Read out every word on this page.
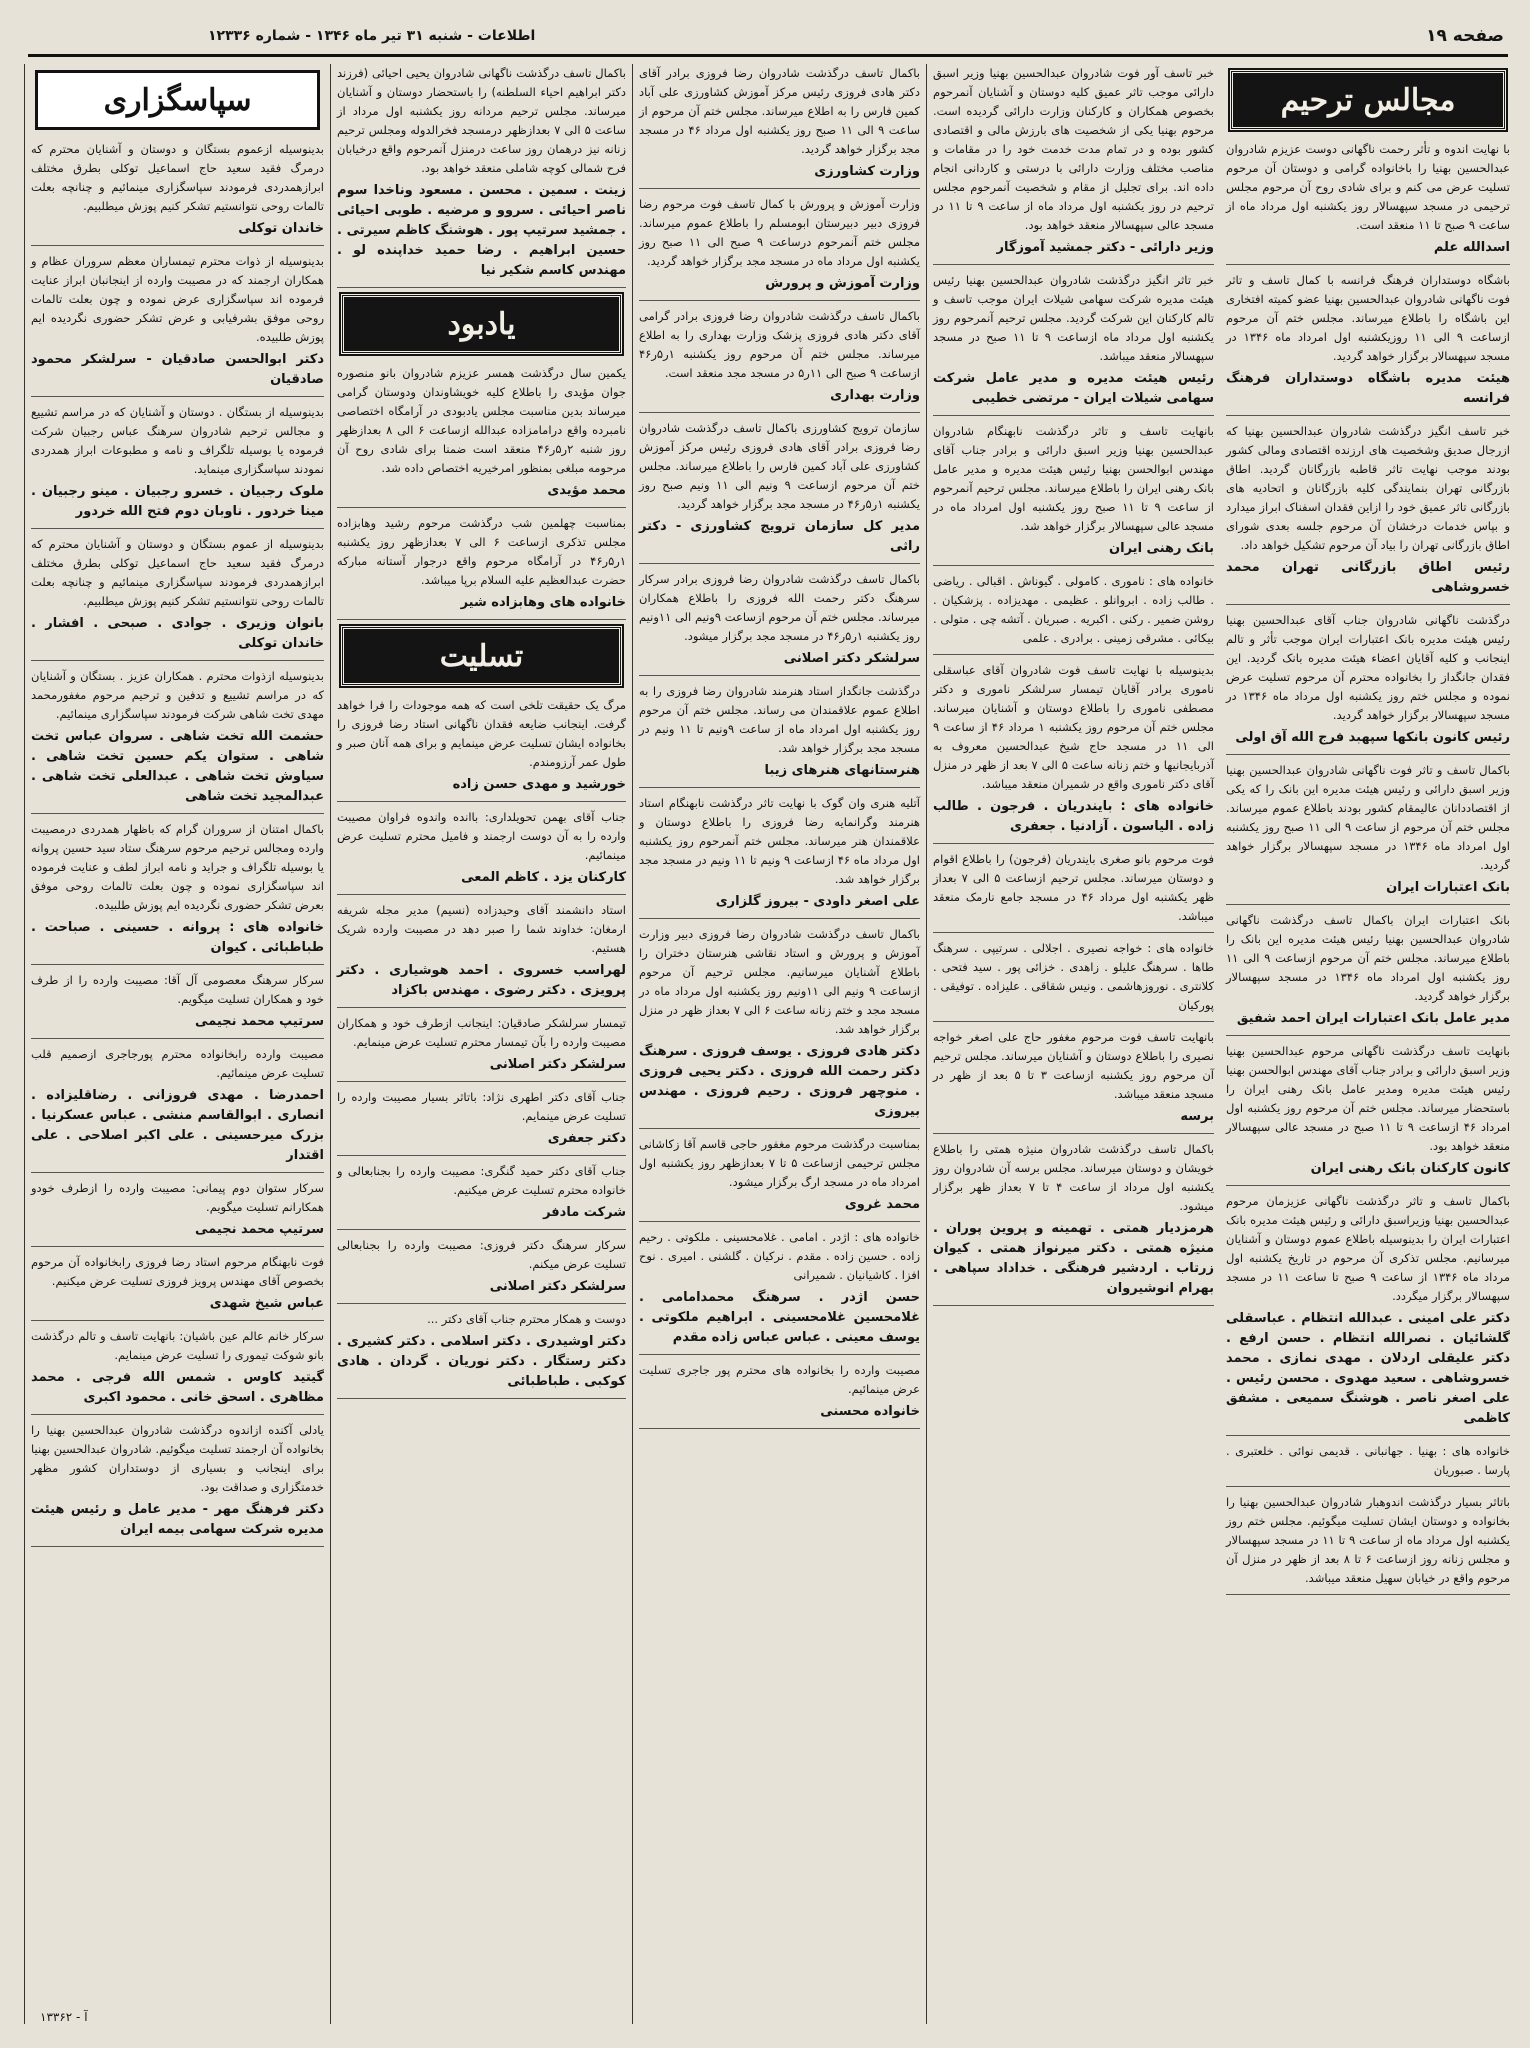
صفحه ۱۹
اطلاعات - شنبه ۳۱ تیر ماه ۱۳۴۶ - شماره ۱۲۳۳۶
مجالس ترحیم

با نهایت اندوه و تأثر رحمت ناگهانی دوست عزیزم شادروان عبدالحسین بهنیا را باخانواده گرامی و دوستان آن مرحوم تسلیت عرض می کنم و برای شادی روح آن مرحوم مجلس ترحیمی در مسجد سپهسالار روز یکشنبه اول مرداد ماه از ساعت ۹ صبح تا ۱۱ منعقد است.

اسدالله علم

باشگاه دوستداران فرهنگ فرانسه با کمال تاسف و تاثر فوت ناگهانی شادروان عبدالحسین بهنیا عضو کمیته افتخاری این باشگاه را باطلاع میرساند. مجلس ختم آن مرحوم ازساعت ۹ الی ۱۱ روزیکشنبه اول امرداد ماه ۱۳۴۶ در مسجد سپهسالار برگزار خواهد گردید.

هیئت مدیره باشگاه دوستداران فرهنگ فرانسه

خبر تاسف انگیز درگذشت شادروان عبدالحسین بهنیا که ازرجال صدیق وشخصیت های ارزنده اقتصادی ومالی کشور بودند موجب نهایت تاثر قاطبه بازرگانان گردید. اطاق بازرگانی تهران بنمایندگی کلیه بازرگانان و اتحادیه های بازرگانی تاثر عمیق خود را ازاین فقدان اسفناک ابراز میدارد و بپاس خدمات درخشان آن مرحوم جلسه بعدی شورای اطاق بازرگانی تهران را بیاد آن مرحوم تشکیل خواهد داد.

رئیس اطاق بازرگانی تهران محمد خسروشاهی

درگذشت ناگهانی شادروان جناب آقای عبدالحسین بهنیا رئیس هیئت مدیره بانک اعتبارات ایران موجب تأثر و تالم اینجانب و کلیه آقایان اعضاء هیئت مدیره بانک گردید. این فقدان جانگداز را بخانواده محترم آن مرحوم تسلیت عرض نموده و مجلس ختم روز یکشنبه اول مرداد ماه ۱۳۴۶ در مسجد سپهسالار برگزار خواهد گردید.

رئیس کانون بانکها سپهبد فرج الله آق اولی

باکمال تاسف و تاثر فوت ناگهانی شادروان عبدالحسین بهنیا وزیر اسبق دارائی و رئیس هیئت مدیره این بانک را که یکی از اقتصاددانان عالیمقام کشور بودند باطلاع عموم میرساند. مجلس ختم آن مرحوم از ساعت ۹ الی ۱۱ صبح روز یکشنبه اول امرداد ماه ۱۳۴۶ در مسجد سپهسالار برگزار خواهد گردید.

بانک اعتبارات ایران

بانک اعتبارات ایران باکمال تاسف درگذشت ناگهانی شادروان عبدالحسین بهنیا رئیس هیئت مدیره این بانک را باطلاع میرساند. مجلس ختم آن مرحوم ازساعت ۹ الی ۱۱ روز یکشنبه اول امرداد ماه ۱۳۴۶ در مسجد سپهسالار برگزار خواهد گردید.

مدیر عامل بانک اعتبارات ایران احمد شفیق

بانهایت تاسف درگذشت ناگهانی مرحوم عبدالحسین بهنیا وزیر اسبق دارائی و برادر جناب آقای مهندس ابوالحسن بهنیا رئیس هیئت مدیره ومدیر عامل بانک رهنی ایران را باستحضار میرساند. مجلس ختم آن مرحوم روز یکشنبه اول امرداد ۴۶ ازساعت ۹ تا ۱۱ صبح در مسجد عالی سپهسالار منعقد خواهد بود.

کانون کارکنان بانک رهنی ایران

باکمال تاسف و تاثر درگذشت ناگهانی عزیزمان مرحوم عبدالحسین بهنیا وزیراسبق دارائی و رئیس هیئت مدیره بانک اعتبارات ایران را بدینوسیله باطلاع عموم دوستان و آشنایان میرسانیم. مجلس تذکری آن مرحوم در تاریخ یکشنبه اول مرداد ماه ۱۳۴۶ از ساعت ۹ صبح تا ساعت ۱۱ در مسجد سپهسالار برگزار میگردد.

دکتر علی امینی . عبدالله انتظام . عباسقلی گلشائیان . نصرالله انتظام . حسن ارفع . دکتر علیقلی اردلان . مهدی نمازی . محمد خسروشاهی . سعید مهدوی . محسن رئیس . علی اصغر ناصر . هوشنگ سمیعی . مشفق کاظمی

خانواده های : بهنیا . جهانبانی . قدیمی نوائی . خلعتبری . پارسا . صبوریان

باتاثر بسیار درگذشت اندوهبار شادروان عبدالحسین بهنیا را بخانواده و دوستان ایشان تسلیت میگوئیم. مجلس ختم روز یکشنبه اول مرداد ماه از ساعت ۹ تا ۱۱ در مسجد سپهسالار و مجلس زنانه روز ازساعت ۶ تا ۸ بعد از ظهر در منزل آن مرحوم واقع در خیابان سهیل منعقد میباشد.

خبر تاسف آور فوت شادروان عبدالحسین بهنیا وزیر اسبق دارائی موجب تاثر عمیق کلیه دوستان و آشنایان آنمرحوم بخصوص همکاران و کارکنان وزارت دارائی گردیده است. مرحوم بهنیا یکی از شخصیت های بارزش مالی و اقتصادی کشور بوده و در تمام مدت خدمت خود را در مقامات و مناصب مختلف وزارت دارائی با درستی و کاردانی انجام داده اند. برای تجلیل از مقام و شخصیت آنمرحوم مجلس ترحیم در روز یکشنبه اول مرداد ماه از ساعت ۹ تا ۱۱ در مسجد عالی سپهسالار منعقد خواهد بود.

وزیر دارائی - دکتر جمشید آموزگار

خبر تاثر انگیز درگذشت شادروان عبدالحسین بهنیا رئیس هیئت مدیره شرکت سهامی شیلات ایران موجب تاسف و تالم کارکنان این شرکت گردید. مجلس ترحیم آنمرحوم روز یکشنبه اول مرداد ماه ازساعت ۹ تا ۱۱ صبح در مسجد سپهسالار منعقد میباشد.

رئیس هیئت مدیره و مدیر عامل شرکت سهامی شیلات ایران - مرتضی خطیبی

بانهایت تاسف و تاثر درگذشت نابهنگام شادروان عبدالحسین بهنیا وزیر اسبق دارائی و برادر جناب آقای مهندس ابوالحسن بهنیا رئیس هیئت مدیره و مدیر عامل بانک رهنی ایران را باطلاع میرساند. مجلس ترحیم آنمرحوم از ساعت ۹ تا ۱۱ صبح روز یکشنبه اول امرداد ماه در مسجد عالی سپهسالار برگزار خواهد شد.

بانک رهنی ایران

خانواده های : ناموری . کامولی . گیوناش . اقبالی . ریاضی . طالب زاده . ابروانلو . عظیمی . مهدیزاده . پزشکیان . روشن ضمیر . رکنی . اکبریه . صبریان . آتشه چی . متولی . بیکائی . مشرقی زمینی . برادری . علمی

بدینوسیله با نهایت تاسف فوت شادروان آقای عباسقلی ناموری برادر آقایان تیمسار سرلشکر ناموری و دکتر مصطفی ناموری را باطلاع دوستان و آشنایان میرساند. مجلس ختم آن مرحوم روز یکشنبه ۱ مرداد ۴۶ از ساعت ۹ الی ۱۱ در مسجد حاج شیخ عبدالحسین معروف به آذربایجانیها و ختم زنانه ساعت ۵ الی ۷ بعد از ظهر در منزل آقای دکتر ناموری واقع در شمیران منعقد میباشد.

خانواده های : بایندریان . فرجون . طالب زاده . الیاسون . آزادنیا . جعفری

فوت مرحوم بانو صغری بایندریان (فرجون) را باطلاع اقوام و دوستان میرساند. مجلس ترحیم ازساعت ۵ الی ۷ بعداز ظهر یکشنبه اول مرداد ۴۶ در مسجد جامع نارمک منعقد میباشد.

خانواده های : خواجه نصیری . اجلالی . سرتیپی . سرهنگ طاها . سرهنگ علیلو . زاهدی . خزائی پور . سید فتحی . کلانتری . نوروزهاشمی . ونیس شقاقی . علیزاده . توفیقی . پورکیان

بانهایت تاسف فوت مرحوم مغفور حاج علی اصغر خواجه نصیری را باطلاع دوستان و آشنایان میرساند. مجلس ترحیم آن مرحوم روز یکشنبه ازساعت ۳ تا ۵ بعد از ظهر در مسجد منعقد میباشد.

برسه

باکمال تاسف درگذشت شادروان منیژه همتی را باطلاع خویشان و دوستان میرساند. مجلس برسه آن شادروان روز یکشنبه اول مرداد از ساعت ۴ تا ۷ بعداز ظهر برگزار میشود.

هرمزدیار همتی . تهمینه و پروین پوران . منیژه همتی . دکتر میرنواز همتی . کیوان زرتاب . اردشیر فرهنگی . خداداد سپاهی . بهرام انوشیروان

باکمال تاسف درگذشت شادروان رضا فروزی برادر آقای دکتر هادی فروزی رئیس مرکز آموزش کشاورزی علی آباد کمین فارس را به اطلاع میرساند. مجلس ختم آن مرحوم از ساعت ۹ الی ۱۱ صبح روز یکشنبه اول مرداد ۴۶ در مسجد مجد برگزار خواهد گردید.

وزارت کشاورزی

وزارت آموزش و پرورش با کمال تاسف فوت مرحوم رضا فروزی دبیر دبیرستان ابومسلم را باطلاع عموم میرساند. مجلس ختم آنمرحوم درساعت ۹ صبح الی ۱۱ صبح روز یکشنبه اول مرداد ماه در مسجد مجد برگزار خواهد گردید.

وزارت آموزش و پرورش

باکمال تاسف درگذشت شادروان رضا فروزی برادر گرامی آقای دکتر هادی فروزی پزشک وزارت بهداری را به اطلاع میرساند. مجلس ختم آن مرحوم روز یکشنبه ۱ر۵ر۴۶ ازساعت ۹ صبح الی ۱۱ر۵ در مسجد مجد منعقد است.

وزارت بهداری

سازمان ترویج کشاورزی باکمال تاسف درگذشت شادروان رضا فروزی برادر آقای هادی فروزی رئیس مرکز آموزش کشاورزی علی آباد کمین فارس را باطلاع میرساند. مجلس ختم آن مرحوم ازساعت ۹ ونیم الی ۱۱ ونیم صبح روز یکشنبه ۱ر۵ر۴۶ در مسجد مجد برگزار خواهد گردید.

مدیر کل سازمان ترویج کشاورزی - دکتر راثی

باکمال تاسف درگذشت شادروان رضا فروزی برادر سرکار سرهنگ دکتر رحمت الله فروزی را باطلاع همکاران میرساند. مجلس ختم آن مرحوم ازساعت ۹ونیم الی ۱۱ونیم روز یکشنبه ۱ر۵ر۴۶ در مسجد مجد برگزار میشود.

سرلشکر دکتر اصلانی

درگذشت جانگداز استاد هنرمند شادروان رضا فروزی را به اطلاع عموم علاقمندان می رساند. مجلس ختم آن مرحوم روز یکشنبه اول امرداد ماه از ساعت ۹ونیم تا ۱۱ ونیم در مسجد مجد برگزار خواهد شد.

هنرستانهای هنرهای زیبا

آتلیه هنری وان گوک با نهایت تاثر درگذشت نابهنگام استاد هنرمند وگرانمایه رضا فروزی را باطلاع دوستان و علاقمندان هنر میرساند. مجلس ختم آنمرحوم روز یکشنبه اول مرداد ماه ۴۶ ازساعت ۹ ونیم تا ۱۱ ونیم در مسجد مجد برگزار خواهد شد.

علی اصغر داودی - بیروز گلزاری

باکمال تاسف درگذشت شادروان رضا فروزی دبیر وزارت آموزش و پرورش و استاد نقاشی هنرستان دختران را باطلاع آشنایان میرسانیم. مجلس ترحیم آن مرحوم ازساعت ۹ ونیم الی ۱۱ونیم روز یکشنبه اول مرداد ماه در مسجد مجد و ختم زنانه ساعت ۶ الی ۷ بعداز ظهر در منزل برگزار خواهد شد.

دکتر هادی فروزی . یوسف فروزی . سرهنگ دکتر رحمت الله فروزی . دکتر یحیی فروزی . منوچهر فروزی . رحیم فروزی . مهندس بیروزی

بمناسبت درگذشت مرحوم مغفور حاجی قاسم آقا زکاشانی مجلس ترحیمی ازساعت ۵ تا ۷ بعدازظهر روز یکشنبه اول امرداد ماه در مسجد ارگ برگزار میشود.

محمد غروی

خانواده های : اژدر . امامی . غلامحسینی . ملکوتی . رحیم زاده . حسین زاده . مقدم . نرکیان . گلشنی . امیری . نوح افزا . کاشیانیان . شمیرانی

حسن اژدر . سرهنگ محمدامامی . غلامحسین غلامحسینی . ابراهیم ملکوتی . یوسف معینی . عباس عباس زاده مقدم

مصیبت وارده را بخانواده های محترم پور جاجری تسلیت عرض مینمائیم.

خانواده محسنی

باکمال تاسف درگذشت ناگهانی شادروان یحیی احیائی (فرزند دکتر ابراهیم احیاء السلطنه) را باستحضار دوستان و آشنایان میرساند. مجلس ترحیم مردانه روز یکشنبه اول مرداد از ساعت ۵ الی ۷ بعدازظهر درمسجد فخرالدوله ومجلس ترحیم زنانه نیز درهمان روز ساعت درمنزل آنمرحوم واقع درخیابان فرح شمالی کوچه شاملی منعقد خواهد بود.

زینت . سمین . محسن . مسعود وناخدا سوم ناصر احیائی . سروو و مرضیه . طوبی احیائی . جمشید سرتیپ پور . هوشنگ کاظم سیرتی . حسین ابراهیم . رضا حمید خداپنده لو . مهندس کاسم شکیر نیا
یادبود

یکمین سال درگذشت همسر عزیزم شادروان بانو منصوره جوان مؤیدی را باطلاع کلیه خویشاوندان ودوستان گرامی میرساند بدین مناسبت مجلس یادبودی در آرامگاه اختصاصی نامبرده واقع درامامزاده عبدالله ازساعت ۶ الی ۸ بعدازظهر روز شنبه ۲ر۵ر۴۶ منعقد است ضمنا برای شادی روح آن مرحومه مبلغی بمنظور امرخیریه اختصاص داده شد.

محمد مؤیدی

بمناسبت چهلمین شب درگذشت مرحوم رشید وهابزاده مجلس تذکری ازساعت ۶ الی ۷ بعدازظهر روز یکشنبه ۱ر۵ر۴۶ در آرامگاه مرحوم واقع درجوار آستانه مبارکه حضرت عبدالعظیم علیه السلام برپا میباشد.

خانواده های وهابزاده شیر
تسلیت

مرگ یک حقیقت تلخی است که همه موجودات را فرا خواهد گرفت. اینجانب ضایعه فقدان ناگهانی استاد رضا فروزی را بخانواده ایشان تسلیت عرض مینمایم و برای همه آنان صبر و طول عمر آرزومندم.

خورشید و مهدی حسن زاده

جناب آقای بهمن تحویلداری: باانده واندوه فراوان مصیبت وارده را به آن دوست ارجمند و فامیل محترم تسلیت عرض مینمائیم.

کارکنان یزد . کاظم المعی

استاد دانشمند آقای وحیدزاده (نسیم) مدیر مجله شریفه ارمغان: خداوند شما را صبر دهد در مصیبت وارده شریک هستیم.

لهراسب خسروی . احمد هوشیاری . دکتر پرویزی . دکتر رضوی . مهندس باکزاد

تیمسار سرلشکر صادقیان: اینجانب ازطرف خود و همکاران مصیبت وارده را بآن تیمسار محترم تسلیت عرض مینمایم.

سرلشکر دکتر اصلانی

جناب آقای دکتر اطهری نژاد: باتاثر بسیار مصیبت وارده را تسلیت عرض مینمایم.

دکتر جعفری

جناب آقای دکتر حمید گنگری: مصیبت وارده را بجنابعالی و خانواده محترم تسلیت عرض میکنیم.

شرکت مادفر

سرکار سرهنگ دکتر فروزی: مصیبت وارده را بجنابعالی تسلیت عرض میکنم.

سرلشکر دکتر اصلانی

دوست و همکار محترم جناب آقای دکتر ...

دکتر اوشیدری . دکتر اسلامی . دکتر کشیری . دکتر رستگار . دکتر نوریان . گردان . هادی کوکبی . طباطبائی
سپاسگزاری

بدینوسیله ازعموم بستگان و دوستان و آشنایان محترم که درمرگ فقید سعید حاج اسماعیل توکلی بطرق مختلف ابرازهمدردی فرمودند سپاسگزاری مینمائیم و چنانچه بعلت تالمات روحی نتوانستیم تشکر کنیم پوزش میطلبیم.

خاندان توکلی

بدینوسیله از ذوات محترم تیمساران معظم سروران عظام و همکاران ارجمند که در مصیبت وارده از اینجانبان ابراز عنایت فرموده اند سپاسگزاری عرض نموده و چون بعلت تالمات روحی موفق بشرفیابی و عرض تشکر حضوری نگردیده ایم پوزش طلبیده.

دکتر ابوالحسن صادقیان - سرلشکر محمود صادقیان

بدینوسیله از بستگان . دوستان و آشنایان که در مراسم تشییع و مجالس ترحیم شادروان سرهنگ عباس رجبیان شرکت فرموده یا بوسیله تلگراف و نامه و مطبوعات ابراز همدردی نمودند سپاسگزاری مینماید.

ملوک رجبیان . خسرو رجبیان . مینو رجبیان . مینا خردور . ناوبان دوم فتح الله خردور

بدینوسیله از عموم بستگان و دوستان و آشنایان محترم که درمرگ فقید سعید حاج اسماعیل توکلی بطرق مختلف ابرازهمدردی فرمودند سپاسگزاری مینمائیم و چنانچه بعلت تالمات روحی نتوانستیم تشکر کنیم پوزش میطلبیم.

بانوان وزیری . جوادی . صبحی . افشار . خاندان توکلی

بدینوسیله ازذوات محترم . همکاران عزیز . بستگان و آشنایان که در مراسم تشییع و تدفین و ترحیم مرحوم مغفورمحمد مهدی تخت شاهی شرکت فرمودند سپاسگزاری مینمائیم.

حشمت الله تخت شاهی . سروان عباس تخت شاهی . ستوان یکم حسین تخت شاهی . سیاوش تخت شاهی . عبدالعلی تخت شاهی . عبدالمجید تخت شاهی

باکمال امتنان از سروران گرام که باظهار همدردی درمصیبت وارده ومجالس ترحیم مرحوم سرهنگ ستاد سید حسین پروانه یا بوسیله تلگراف و جراید و نامه ابراز لطف و عنایت فرموده اند سپاسگزاری نموده و چون بعلت تالمات روحی موفق بعرض تشکر حضوری نگردیده ایم پوزش طلبیده.

خانواده های : پروانه . حسینی . صباحت . طباطبائی . کیوان

سرکار سرهنگ معصومی آل آقا: مصیبت وارده را از طرف خود و همکاران تسلیت میگویم.

سرتیپ محمد نجیمی

مصیبت وارده رابخانواده محترم پورجاجری ازصمیم قلب تسلیت عرض مینمائیم.

احمدرضا . مهدی فروزانی . رضاقلیزاده . انصاری . ابوالقاسم منشی . عباس عسکرنیا . بزرک میرحسینی . علی اکبر اصلاحی . علی اقتدار

سرکار ستوان دوم پیمانی: مصیبت وارده را ازطرف خودو همکارانم تسلیت میگویم.

سرتیپ محمد نجیمی

فوت نابهنگام مرحوم استاد رضا فروزی رابخانواده آن مرحوم بخصوص آقای مهندس پرویز فروزی تسلیت عرض میکنیم.

عباس شیخ شهدی

سرکار خانم عالم عین باشیان: بانهایت تاسف و تالم درگذشت بانو شوکت تیموری را تسلیت عرض مینمایم.

گیتید کاوس . شمس الله فرجی . محمد مظاهری . اسحق خانی . محمود اکبری

یادلی آکنده ازاندوه درگذشت شادروان عبدالحسین بهنیا را بخانواده آن ارجمند تسلیت میگوئیم. شادروان عبدالحسین بهنیا برای اینجانب و بسیاری از دوستداران کشور مظهر خدمتگزاری و صداقت بود.

دکتر فرهنگ مهر - مدیر عامل و رئیس هیئت مدیره شرکت سهامی بیمه ایران
آ - ۱۳۳۶۲
